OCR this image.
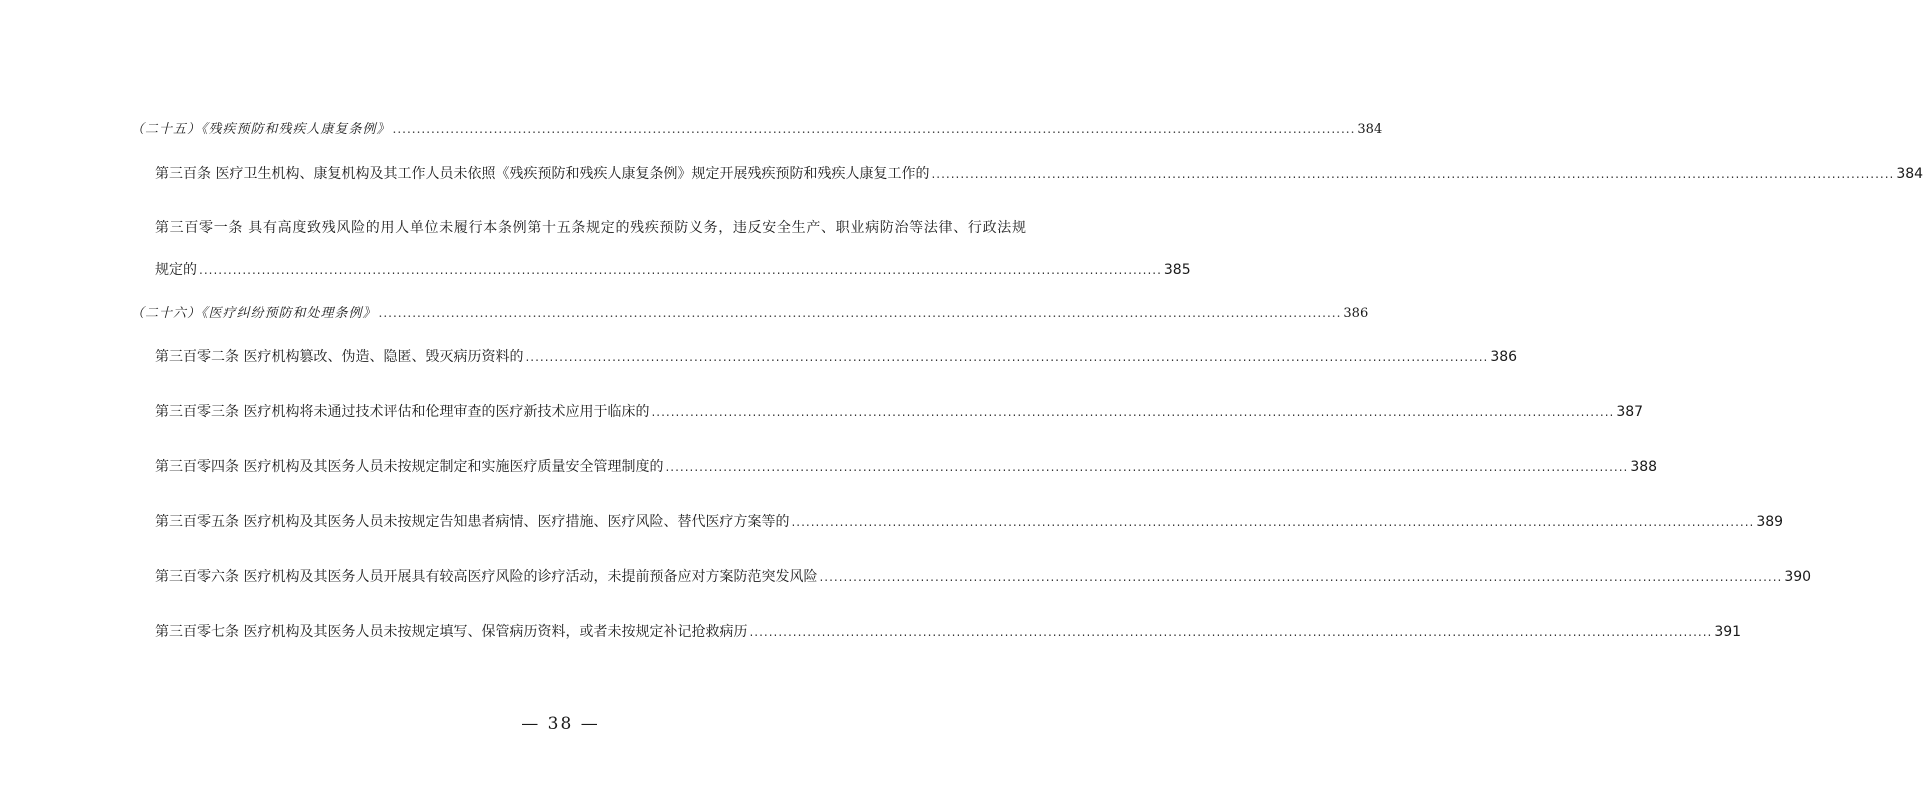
（二十五）《残疾预防和残疾人康复条例》 ........................................................................................................................................................................................................ 384
第三百条 医疗卫生机构、康复机构及其工作人员未依照《残疾预防和残疾人康复条例》规定开展残疾预防和残疾人康复工作的 ........................................................................................................................................................................................................ 384
第三百零一条 具有高度致残风险的用人单位未履行本条例第十五条规定的残疾预防义务，违反安全生产、职业病防治等法律、行政法规
规定的 ........................................................................................................................................................................................................ 385
（二十六）《医疗纠纷预防和处理条例》 ........................................................................................................................................................................................................ 386
第三百零二条 医疗机构篡改、伪造、隐匿、毁灭病历资料的 ........................................................................................................................................................................................................ 386
第三百零三条 医疗机构将未通过技术评估和伦理审查的医疗新技术应用于临床的 ........................................................................................................................................................................................................ 387
第三百零四条 医疗机构及其医务人员未按规定制定和实施医疗质量安全管理制度的 ........................................................................................................................................................................................................ 388
第三百零五条 医疗机构及其医务人员未按规定告知患者病情、医疗措施、医疗风险、替代医疗方案等的 ........................................................................................................................................................................................................ 389
第三百零六条 医疗机构及其医务人员开展具有较高医疗风险的诊疗活动，未提前预备应对方案防范突发风险 ........................................................................................................................................................................................................ 390
第三百零七条 医疗机构及其医务人员未按规定填写、保管病历资料，或者未按规定补记抢救病历 ........................................................................................................................................................................................................ 391
— 38 —
